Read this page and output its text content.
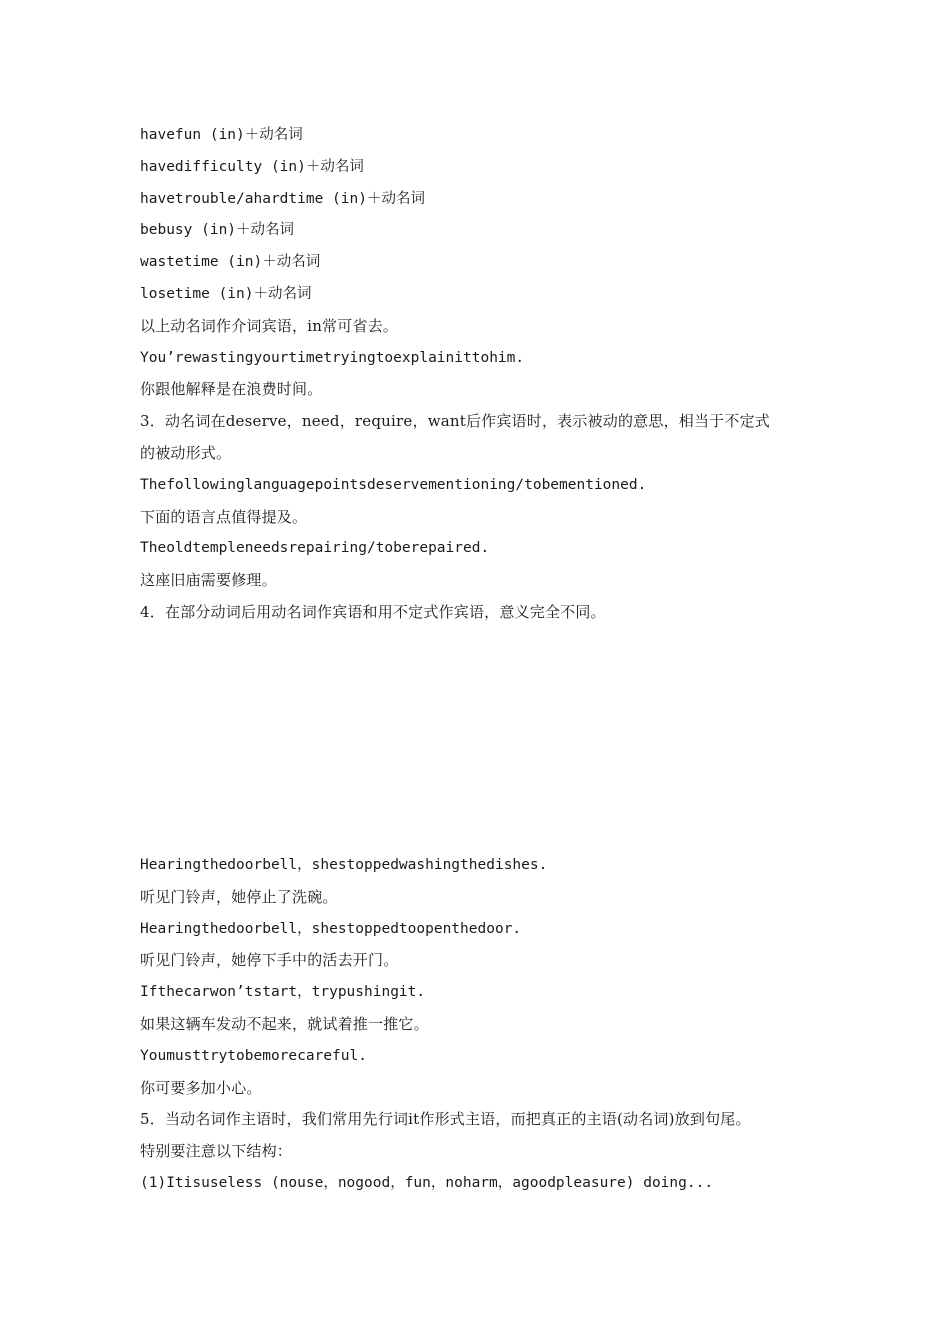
havefun (in)＋动名词
havedifficulty (in)＋动名词
havetrouble/ahardtime (in)＋动名词
bebusy (in)＋动名词
wastetime (in)＋动名词
losetime (in)＋动名词
以上动名词作介词宾语，in常可省去。
You’rewastingyourtimetryingtoexplainittohim.
你跟他解释是在浪费时间。
3．动名词在deserve，need，require，want后作宾语时，表示被动的意思，相当于不定式
的被动形式。
Thefollowinglanguagepointsdeservementioning/tobementioned.
下面的语言点值得提及。
Theoldtempleneedsrepairing/toberepaired.
这座旧庙需要修理。
4．在部分动词后用动名词作宾语和用不定式作宾语，意义完全不同。
Hearingthedoorbell，shestoppedwashingthedishes.
听见门铃声，她停止了洗碗。
Hearingthedoorbell，shestoppedtoopenthedoor.
听见门铃声，她停下手中的活去开门。
Ifthecarwon’tstart，trypushingit.
如果这辆车发动不起来，就试着推一推它。
Youmusttrytobemorecareful.
你可要多加小心。
5．当动名词作主语时，我们常用先行词it作形式主语，而把真正的主语(动名词)放到句尾。
特别要注意以下结构：
(1)Itisuseless (nouse，nogood，fun，noharm，agoodpleasure) doing...
